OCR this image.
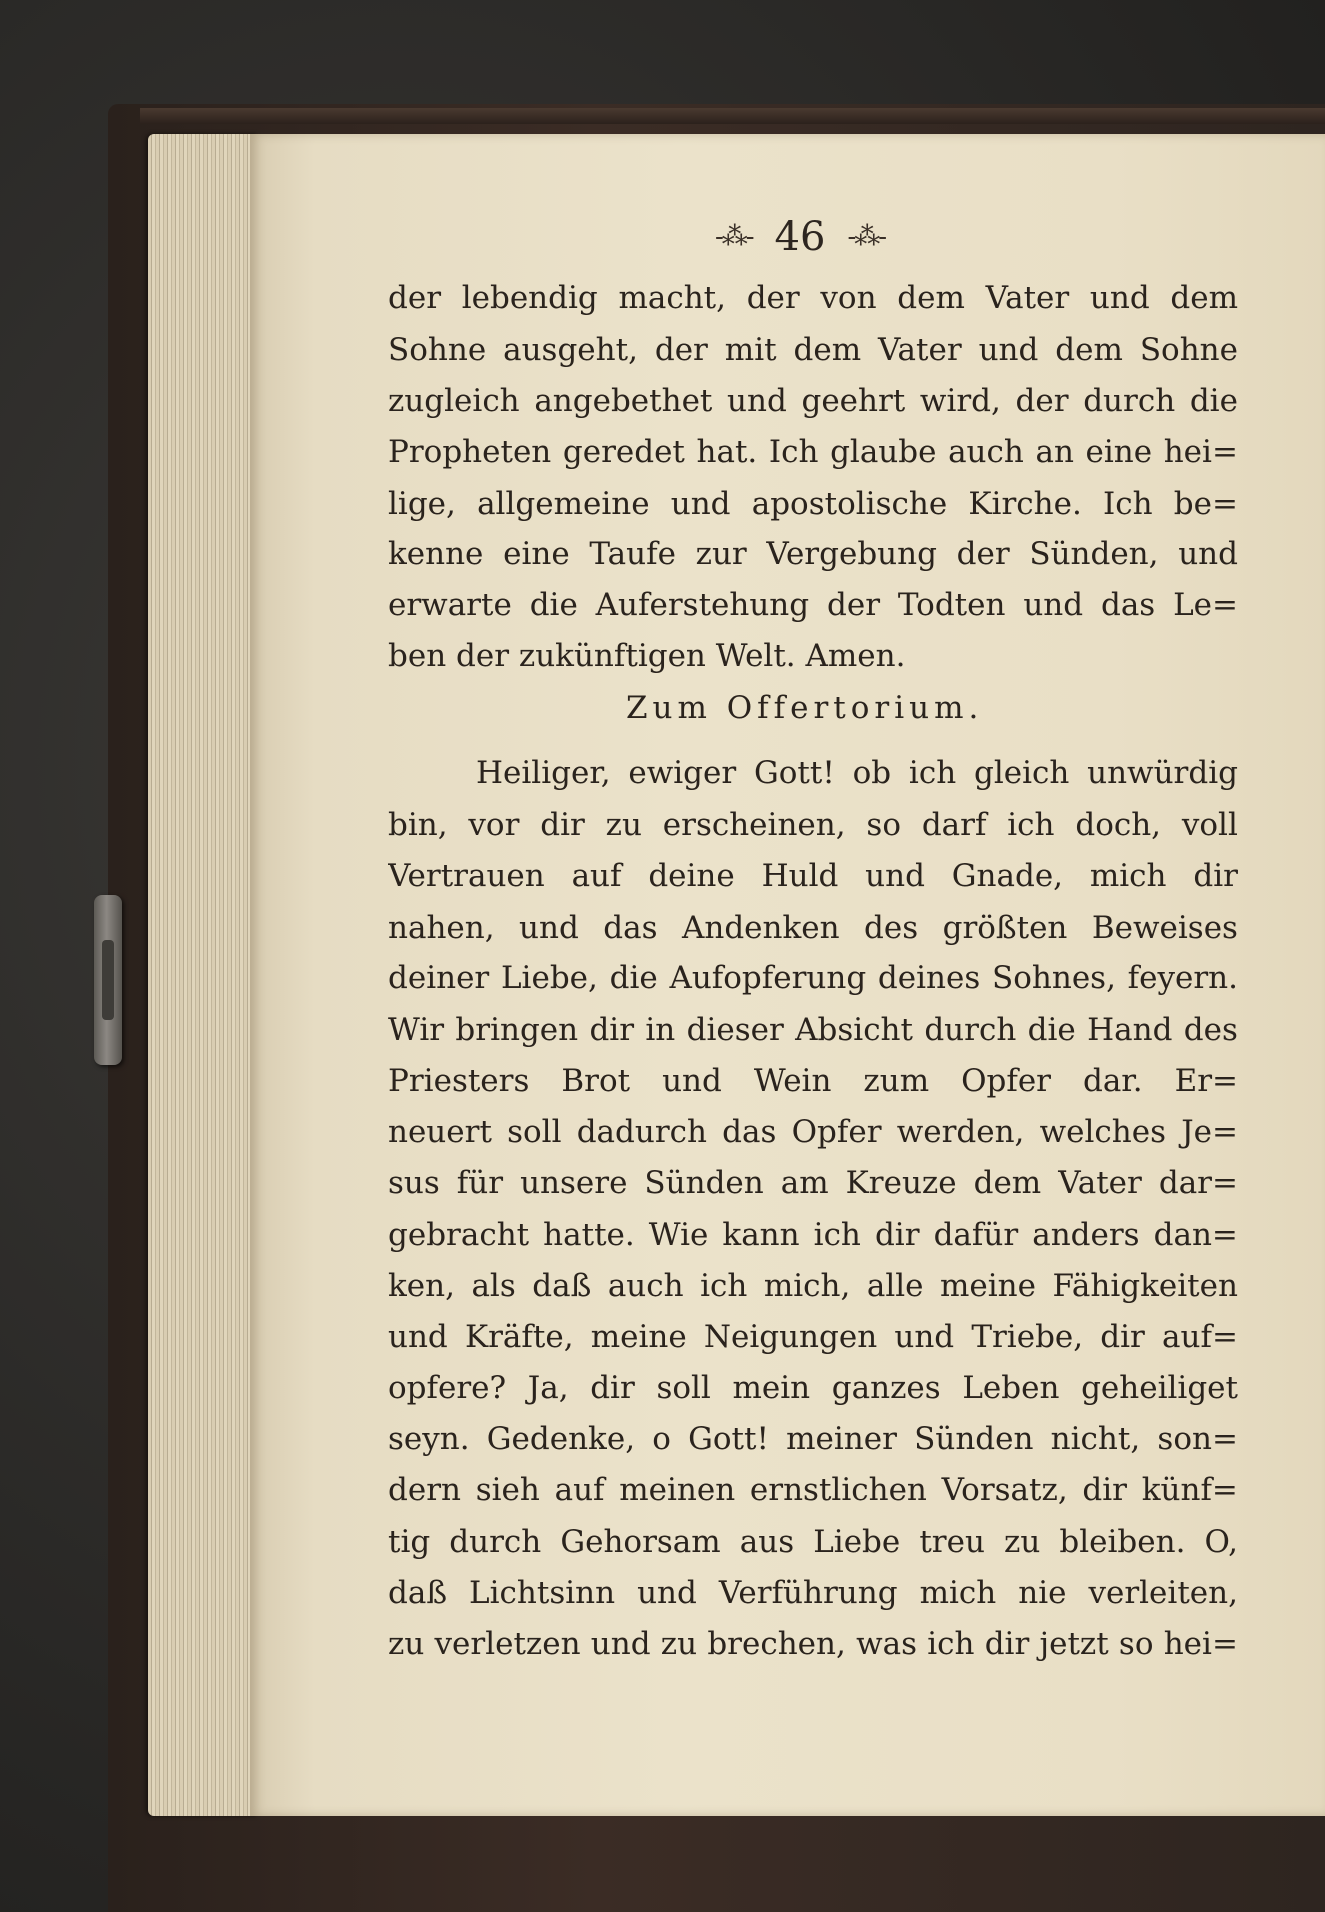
-⁂- 46 -⁂-
der lebendig macht, der von dem Vater und dem
Sohne ausgeht, der mit dem Vater und dem Sohne
zugleich angebethet und geehrt wird, der durch die
Propheten geredet hat. Ich glaube auch an eine hei=
lige, allgemeine und apostolische Kirche. Ich be=
kenne eine Taufe zur Vergebung der Sünden, und
erwarte die Auferstehung der Todten und das Le=
ben der zukünftigen Welt. Amen.
Zum Offertorium.
Heiliger, ewiger Gott! ob ich gleich unwürdig
bin, vor dir zu erscheinen, so darf ich doch, voll
Vertrauen auf deine Huld und Gnade, mich dir
nahen, und das Andenken des größten Beweises
deiner Liebe, die Aufopferung deines Sohnes, feyern.
Wir bringen dir in dieser Absicht durch die Hand des
Priesters Brot und Wein zum Opfer dar. Er=
neuert soll dadurch das Opfer werden, welches Je=
sus für unsere Sünden am Kreuze dem Vater dar=
gebracht hatte. Wie kann ich dir dafür anders dan=
ken, als daß auch ich mich, alle meine Fähigkeiten
und Kräfte, meine Neigungen und Triebe, dir auf=
opfere? Ja, dir soll mein ganzes Leben geheiliget
seyn. Gedenke, o Gott! meiner Sünden nicht, son=
dern sieh auf meinen ernstlichen Vorsatz, dir künf=
tig durch Gehorsam aus Liebe treu zu bleiben. O,
daß Lichtsinn und Verführung mich nie verleiten,
zu verletzen und zu brechen, was ich dir jetzt so hei=
